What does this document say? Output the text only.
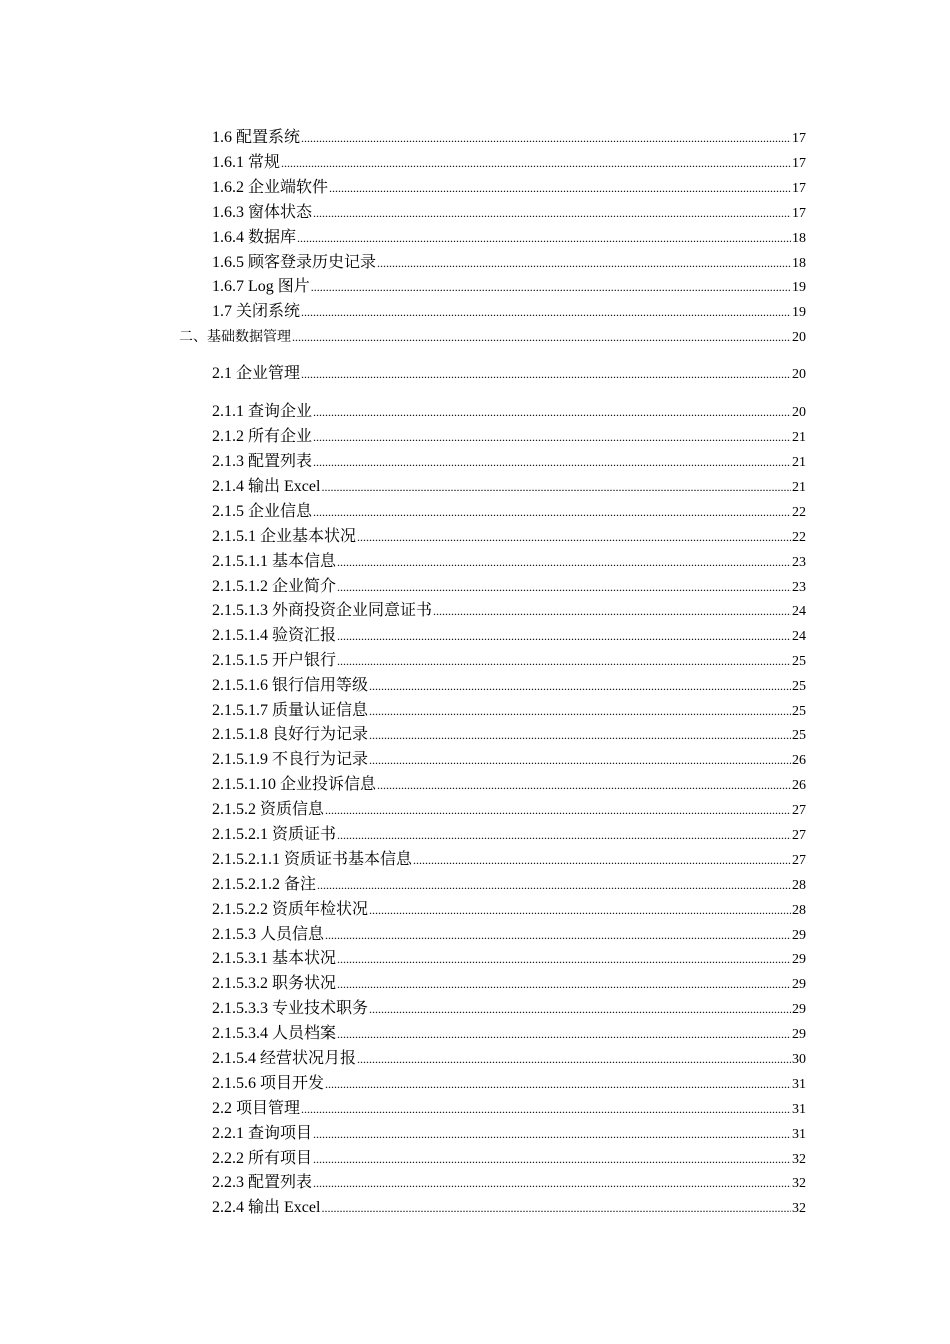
1.6 配置系统 .....	17
1.6.1 常规 .....	17
1.6.2 企业端软件 .....	17
1.6.3 窗体状态 .....	17
1.6.4 数据库 .....	18
1.6.5 顾客登录历史记录 .....	18
1.6.7 Log 图片 .....	19
1.7 关闭系统 .....	19
二、基础数据管理 .....	20
2.1 企业管理 .....	20
2.1.1 查询企业 .....	20
2.1.2 所有企业 .....	21
2.1.3 配置列表 .....	21
2.1.4 输出 Excel .....	21
2.1.5 企业信息 .....	22
2.1.5.1 企业基本状况 .....	22
2.1.5.1.1 基本信息 .....	23
2.1.5.1.2 企业简介 .....	23
2.1.5.1.3 外商投资企业同意证书 .....	24
2.1.5.1.4 验资汇报 .....	24
2.1.5.1.5 开户银行 .....	25
2.1.5.1.6 银行信用等级 .....	25
2.1.5.1.7 质量认证信息 .....	25
2.1.5.1.8 良好行为记录 .....	25
2.1.5.1.9 不良行为记录 .....	26
2.1.5.1.10 企业投诉信息 .....	26
2.1.5.2 资质信息 .....	27
2.1.5.2.1 资质证书 .....	27
2.1.5.2.1.1 资质证书基本信息 .....	27
2.1.5.2.1.2 备注 .....	28
2.1.5.2.2 资质年检状况 .....	28
2.1.5.3 人员信息 .....	29
2.1.5.3.1 基本状况 .....	29
2.1.5.3.2 职务状况 .....	29
2.1.5.3.3 专业技术职务 .....	29
2.1.5.3.4 人员档案 .....	29
2.1.5.4 经营状况月报 .....	30
2.1.5.6 项目开发 .....	31
2.2 项目管理 .....	31
2.2.1 查询项目 .....	31
2.2.2 所有项目 .....	32
2.2.3 配置列表 .....	32
2.2.4 输出 Excel .....	32
